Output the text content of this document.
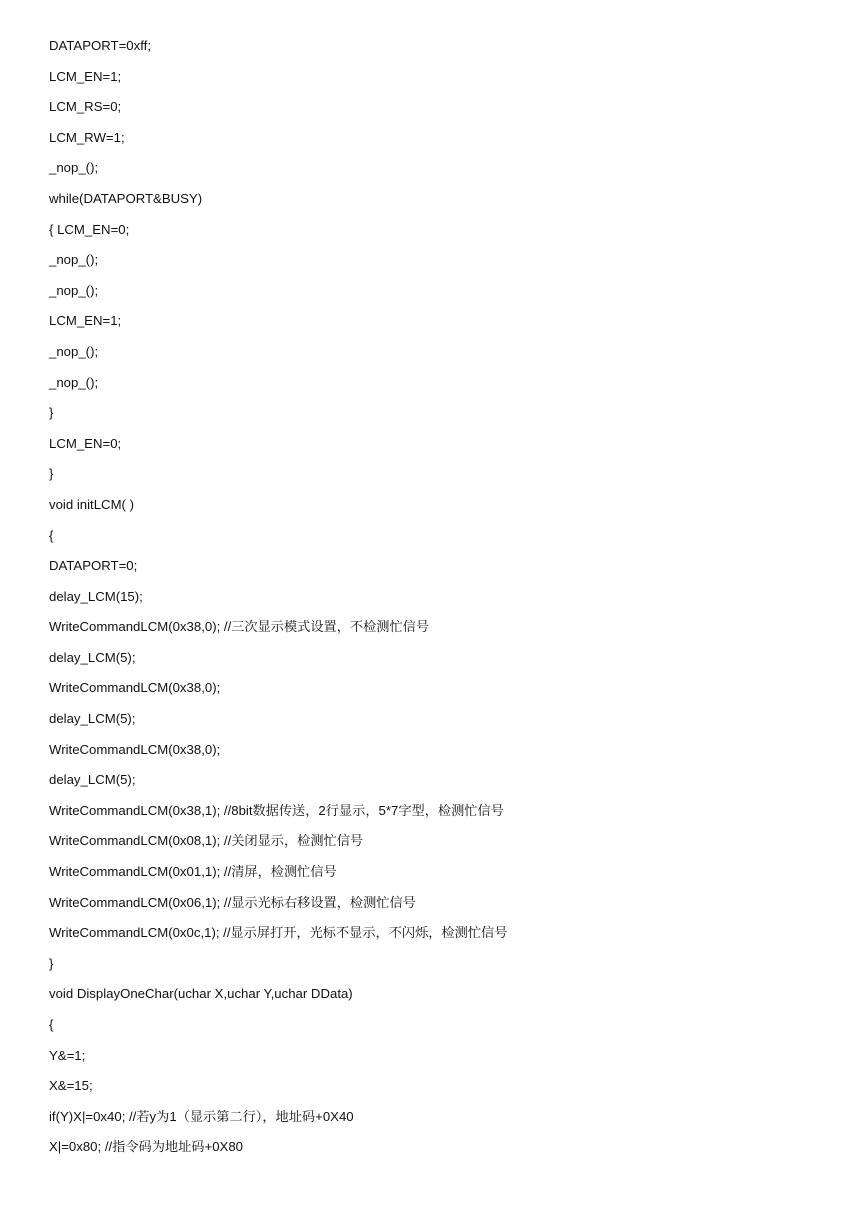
DATAPORT=0xff;
LCM_EN=1;
LCM_RS=0;
LCM_RW=1;
_nop_();
while(DATAPORT&BUSY)
{ LCM_EN=0;
_nop_();
_nop_();
LCM_EN=1;
_nop_();
_nop_();
}
LCM_EN=0;
}
void initLCM( )
{
DATAPORT=0;
delay_LCM(15);
WriteCommandLCM(0x38,0); //三次显示模式设置，不检测忙信号
delay_LCM(5);
WriteCommandLCM(0x38,0);
delay_LCM(5);
WriteCommandLCM(0x38,0);
delay_LCM(5);
WriteCommandLCM(0x38,1); //8bit数据传送，2行显示，5*7字型，检测忙信号
WriteCommandLCM(0x08,1); //关闭显示，检测忙信号
WriteCommandLCM(0x01,1); //清屏，检测忙信号
WriteCommandLCM(0x06,1); //显示光标右移设置，检测忙信号
WriteCommandLCM(0x0c,1); //显示屏打开，光标不显示，不闪烁，检测忙信号
}
void DisplayOneChar(uchar X,uchar Y,uchar DData)
{
Y&=1;
X&=15;
if(Y)X|=0x40; //若y为1（显示第二行），地址码+0X40
X|=0x80; //指令码为地址码+0X80
